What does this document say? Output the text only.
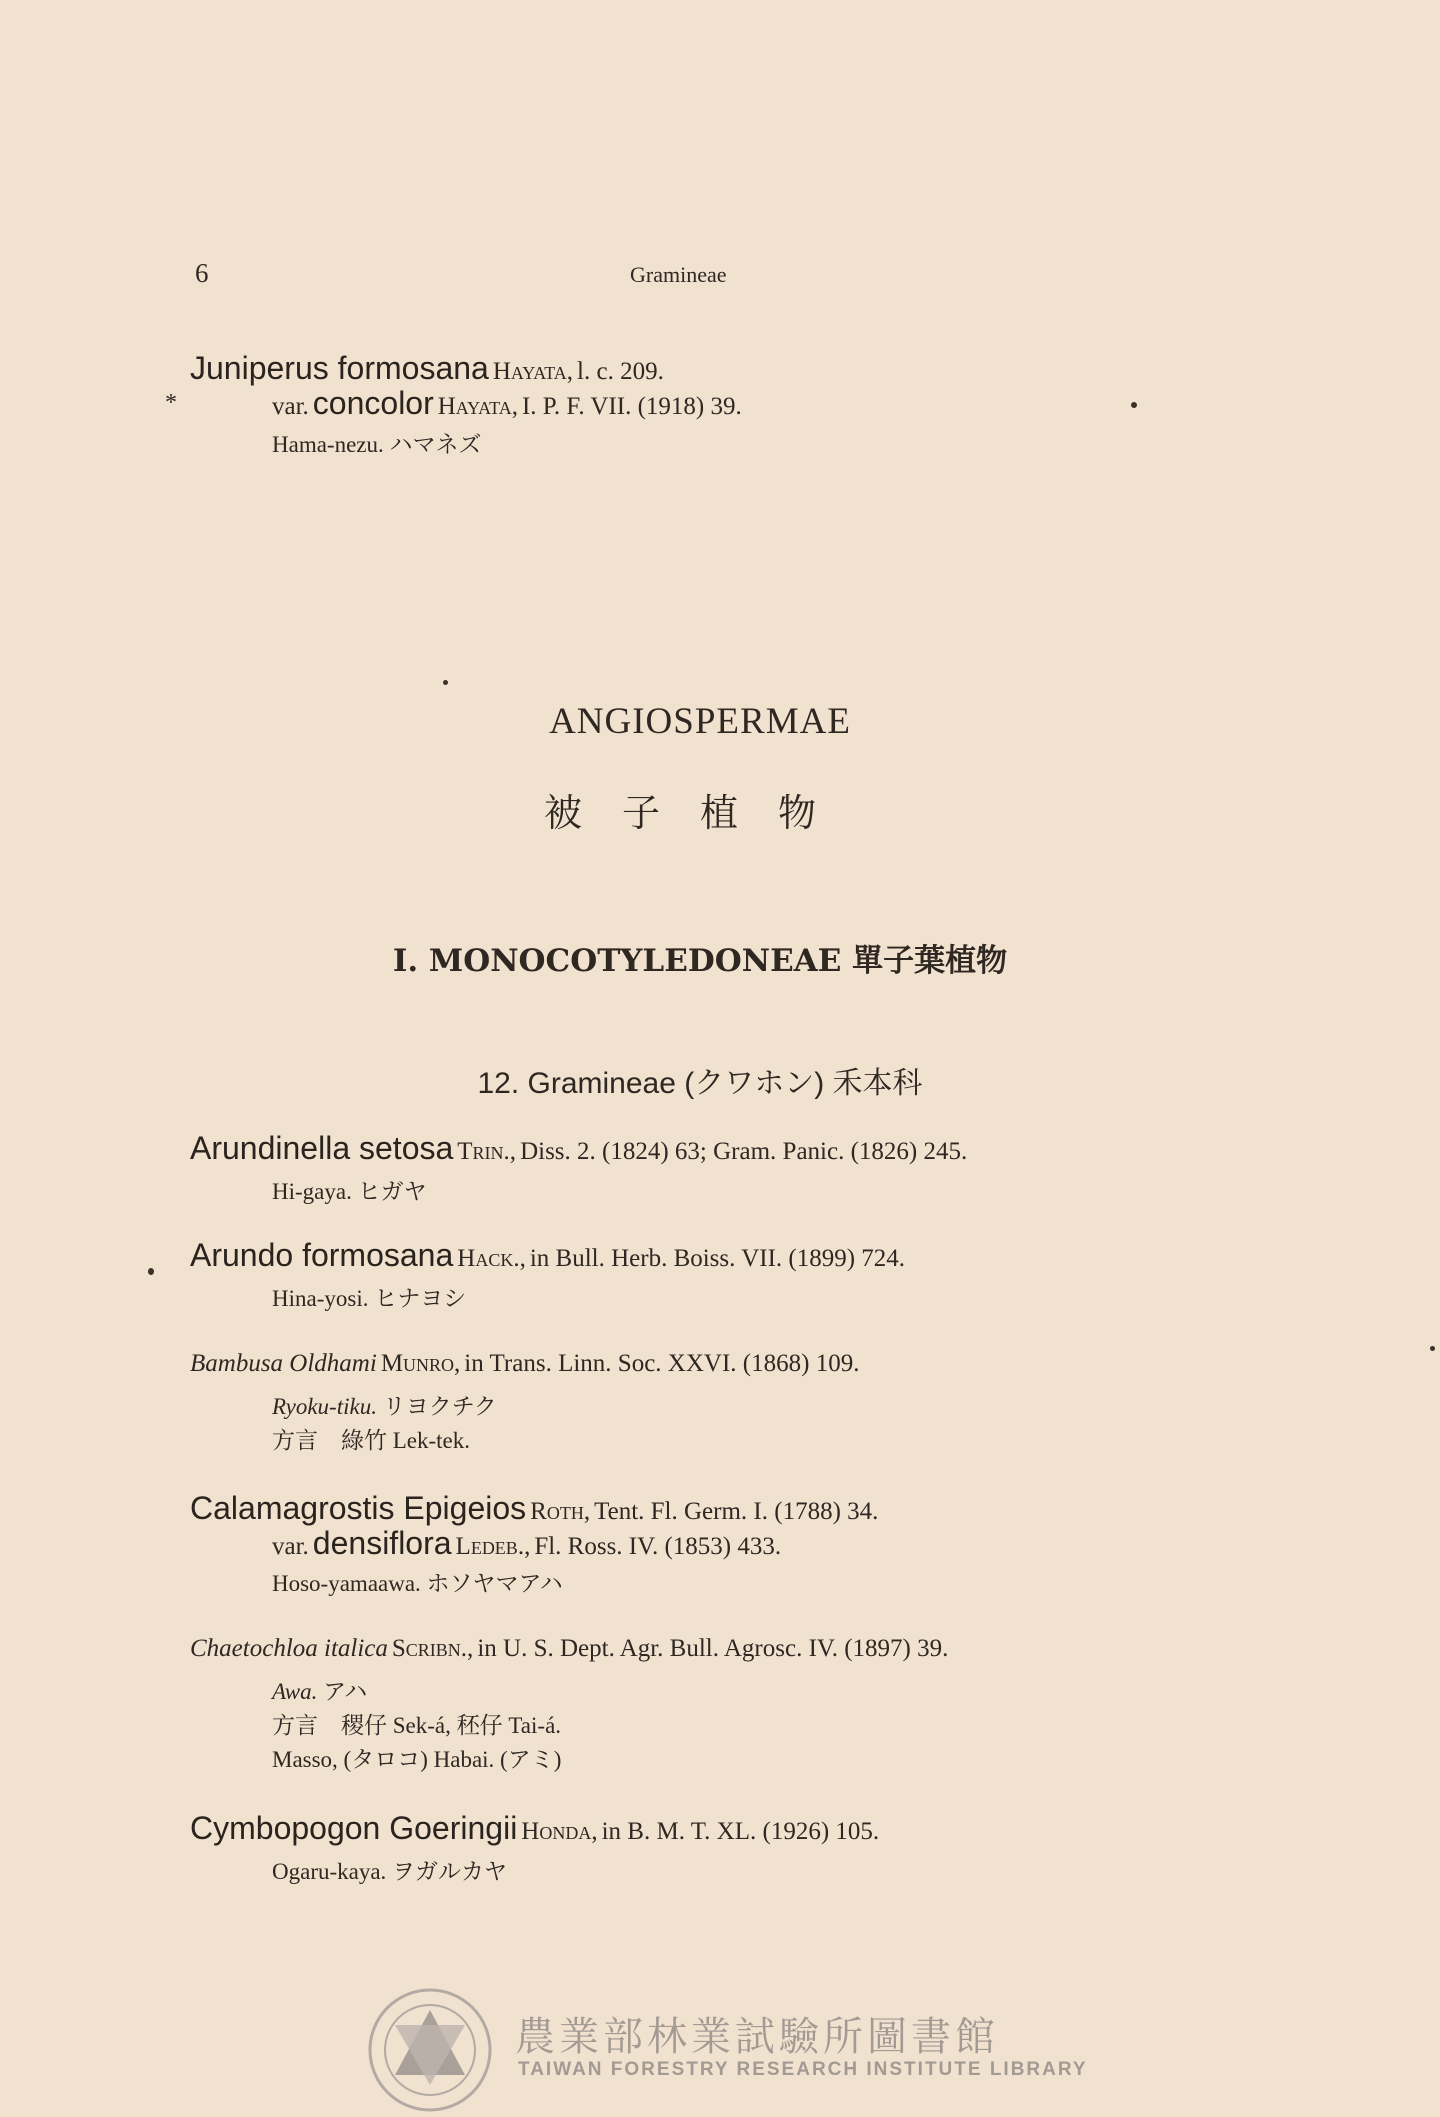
6	Gramineae
Juniperus formosana Hayata, l. c. 209.
*	var. concolor Hayata, I. P. F. VII. (1918) 39.
Hama-nezu. ハマネズ
ANGIOSPERMAE
被子植物
I. MONOCOTYLEDONEAE 單子葉植物
12. Gramineae (クワホン) 禾本科
Arundinella setosa Trin., Diss. 2. (1824) 63; Gram. Panic. (1826) 245.
Hi-gaya. ヒガヤ
Arundo formosana Hack., in Bull. Herb. Boiss. VII. (1899) 724.
Hina-yosi. ヒナヨシ
Bambusa Oldhami Munro, in Trans. Linn. Soc. XXVI. (1868) 109.
Ryoku-tiku. リヨクチク
方言　綠竹 Lek-tek.
Calamagrostis Epigeios Roth, Tent. Fl. Germ. I. (1788) 34.
var. densiflora Ledeb., Fl. Ross. IV. (1853) 433.
Hoso-yamaawa. ホソヤマアハ
Chaetochloa italica Scribn., in U. S. Dept. Agr. Bull. Agrosc. IV. (1897) 39.
Awa. アハ
方言　稷仔 Sek-á, 秠仔 Tai-á.
Masso, (タロコ) Habai. (アミ)
Cymbopogon Goeringii Honda, in B. M. T. XL. (1926) 105.
Ogaru-kaya. ヲガルカヤ
農業部林業試驗所圖書館
TAIWAN FORESTRY RESEARCH INSTITUTE LIBRARY
